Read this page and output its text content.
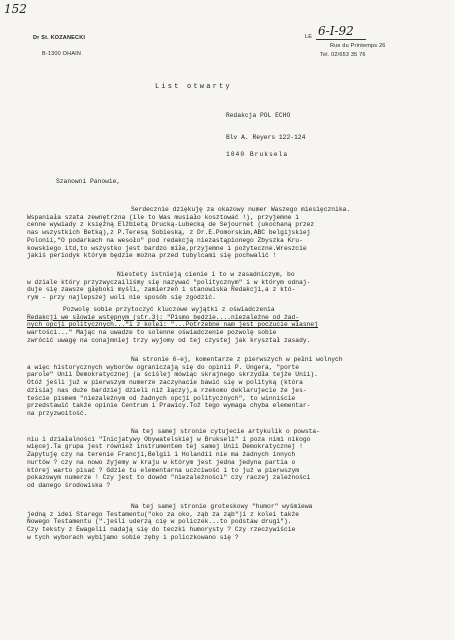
152
Dr St. KOZANECKI
B-1300 OHAIN
LE 6-I-92
Rue du Printemps 26
Tel. 02/653 35 76
List otwarty
Redakcja POL ECHO
Blv A. Reyers 122-124
1040 Bruksela
Szanowni Panowie,
Serdecznie dziękuję za okazowy numer Waszego miesięcznika.
Wspaniała szata zewnętrzna (ile to Was musiało kosztować !), przyjemne i
cenne wywiady z księżną Elżbietą Drucką-Lubecką de Sejournet (ukochaną przez
nas wszystkich Betką),z P.Teresą Sobieską, z Dr.E.Pomorskim,ABC belgijskiej
Polonii,"O podarkach na wesoło" pod redakcją niezastąpionego Zbyszka Kru-
kowskiego itd,to wszystko jest bardzo miłe,przyjemne i pożyteczne.Wreszcie
jakiś periodyk którym będzie można przed tubylcami się pochwalić !
Niestety istnieją cienie i to w zasadniczym, bo
w dziale który przyzwyczailiśmy się nazywać "politycznym" i w którym odnaj-
duje się zawsze głęboki myśli, zamierzeń i stanowiska Redakcji,a z któ-
rym - przy najlepszej woli nie sposób się zgodzić.
Pozwolę sobie przytoczyć kluczowe wyjątki z oświadczenia
Redakcji we słowie wstępnym (str.3): "Pismo będzie....niezależne od żad-
nych opcji politycznych..."i z kolei: "...Potrzebne nam jest poczucie własnej
wartości..." Mając na uwadze to solenne oświadczenie pozwolę sobie
zwrócić uwagę na conajmniej trzy wyjomy od tej czystej jak kryształ zasady.
Na stronie 6-ej, komentarze z pierwszych w pełni wolnych
a więc historycznych wyborów ograniczają się do opinii P. Ungera, "porte
parole" Unii Demokratycznej (a ściślej mówiąc skrajnego skrzydła tejże Unii).
Otóż jeśli już w pierwszym numerze zaczynacie bawić się w polityką (która
dzisiaj nas duże bardziej dzieli niż łączy),a rzekomo deklarujecie że jes-
teście pismem "niezależnym od żadnych opcji politycznych", to winniście
przedstawić także opinie Centrum i Prawicy.Toż tego wymaga chyba elementar-
na przyzwoitość.
Na tej samej stronie cytujecie artykulik o powsta-
niu i działalności "Inicjatywy Obywatelskiej w Brukseli" i poza nimi nikogo
więcej.Ta grupa jest również instrumentem tej samej Unii Demokratycznej !
Zapytuję czy na terenie Francji,Belgii i Holandii nie ma żadnych innych
nurtów ? czy na nowo żyjemy w kraju w którym jest jedna jedyna partia o
której warto pisać ? Gdzie tu elementarna uczciwość i to już w pierwszym
pokazowym numerze ! Czy jest to dowód "niezależności" czy raczej zależności
od danego środowiska ?
Na tej samej stronie groteskowy "humor" wyśmiewa
jedną z idei Starego Testamentu("oko za oko, ząb za ząb")i z kolei także
Nowego Testamentu (".jeśli uderzą cię w policzek...to podstaw drugi").
Czy teksty z Ewagelii nadają się do teczki humorysty ? Czy rzeczywiście
w tych wyborach wybijamo sobie zęby i policzkowano się ?
